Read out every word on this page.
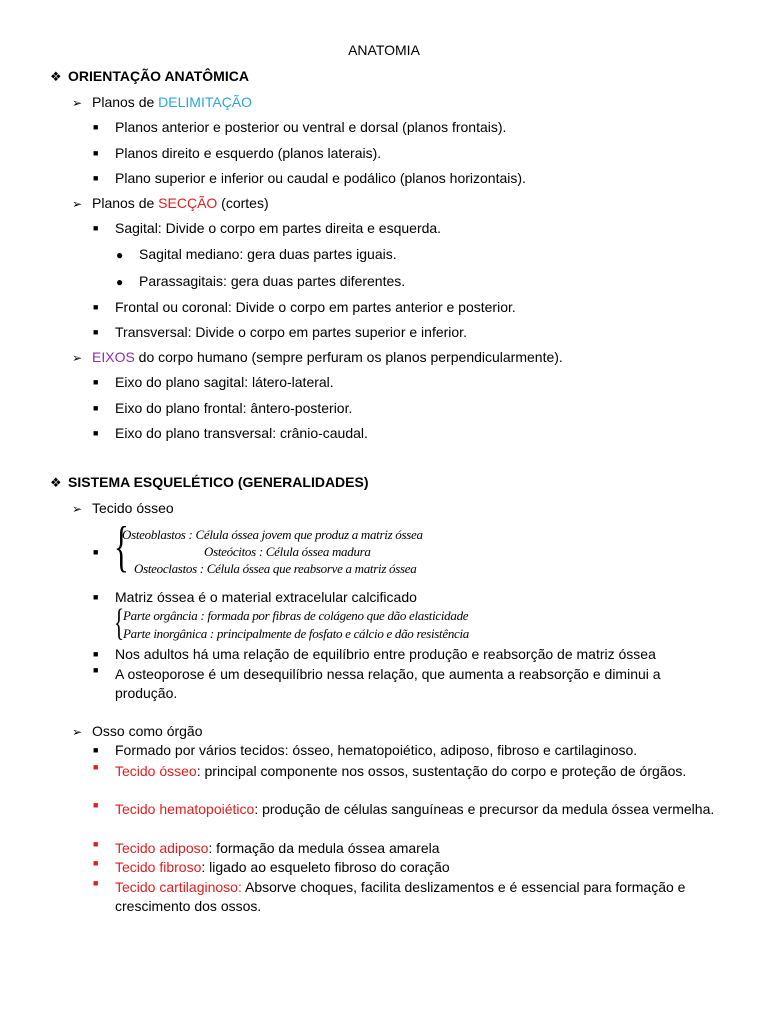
ANATOMIA
❖ ORIENTAÇÃO ANATÔMICA
➢ Planos de DELIMITAÇÃO
■ Planos anterior e posterior ou ventral e dorsal (planos frontais).
■ Planos direito e esquerdo (planos laterais).
■ Plano superior e inferior ou caudal e podálico (planos horizontais).
➢ Planos de SECÇÃO (cortes)
■ Sagital: Divide o corpo em partes direita e esquerda.
● Sagital mediano: gera duas partes iguais.
● Parassagitais: gera duas partes diferentes.
■ Frontal ou coronal: Divide o corpo em partes anterior e posterior.
■ Transversal: Divide o corpo em partes superior e inferior.
➢ EIXOS do corpo humano (sempre perfuram os planos perpendicularmente).
■ Eixo do plano sagital: látero-lateral.
■ Eixo do plano frontal: ântero-posterior.
■ Eixo do plano transversal: crânio-caudal.
❖ SISTEMA ESQUELÉTICO (GENERALIDADES)
➢ Tecido ósseo
■ {
Osteoblastos : Célula óssea jovem que produz a matriz óssea
Osteócitos : Célula óssea madura
Osteoclastos : Célula óssea que reabsorve a matriz óssea
■ Matriz óssea é o material extracelular calcificado
{
Parte orgância : formada por fibras de colágeno que dão elasticidade
Parte inorgânica : principalmente de fosfato e cálcio e dão resistência
■ Nos adultos há uma relação de equilíbrio entre produção e reabsorção de matriz óssea
■	A osteoporose é um desequilíbrio nessa relação, que aumenta a reabsorção e diminui a produção.
➢ Osso como órgão
■ Formado por vários tecidos: ósseo, hematopoiético, adiposo, fibroso e cartilaginoso.
■	Tecido ósseo: principal componente nos ossos, sustentação do corpo e proteção de órgãos.
■	Tecido hematopoiético: produção de células sanguíneas e precursor da medula óssea vermelha.
■	Tecido adiposo: formação da medula óssea amarela
■	Tecido fibroso: ligado ao esqueleto fibroso do coração
■	Tecido cartilaginoso: Absorve choques, facilita deslizamentos e é essencial para formação e crescimento dos ossos.
